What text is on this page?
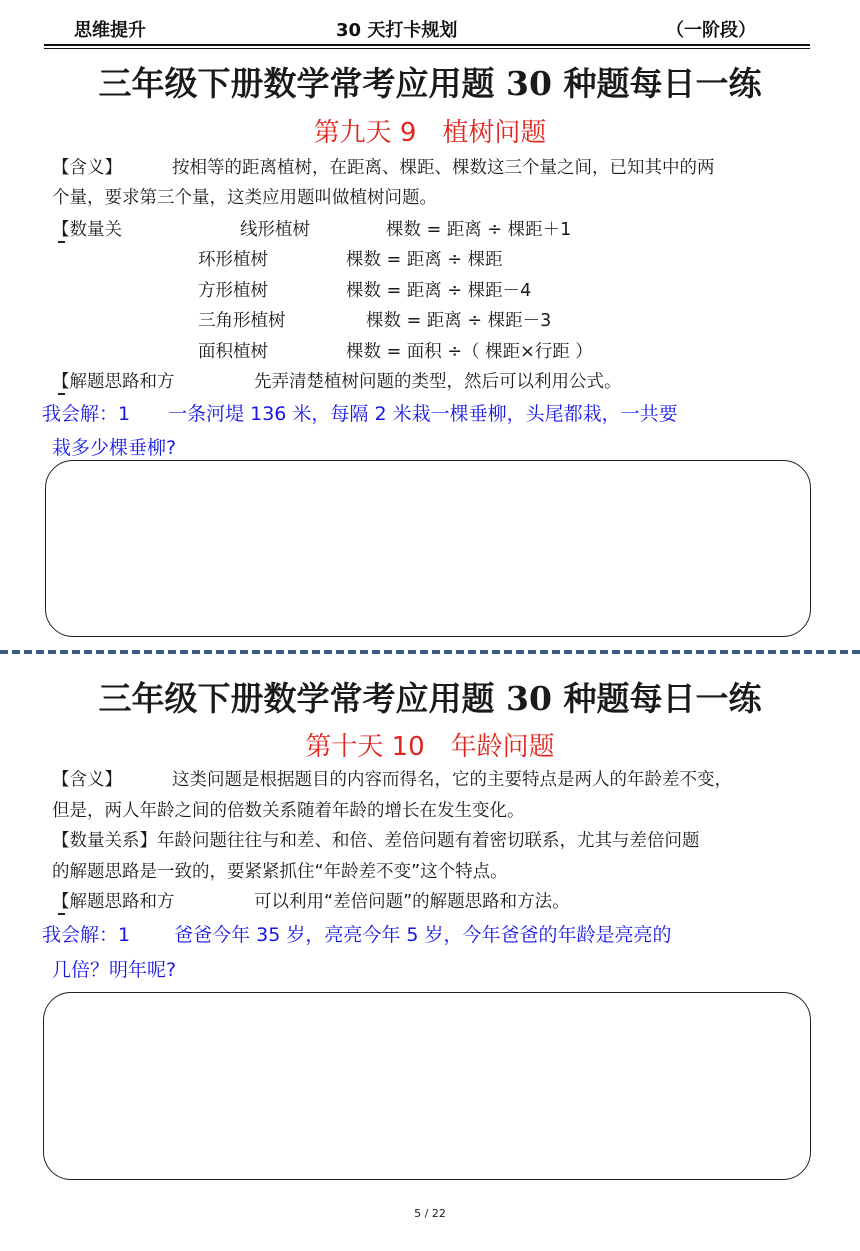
思维提升	30 天打卡规划	（一阶段）
三年级下册数学常考应用题 30 种题每日一练
第九天 9　植树问题
【含义】	按相等的距离植树，在距离、棵距、棵数这三个量之间，已知其中的两
个量，要求第三个量，这类应用题叫做植树问题。
【数量关	线形植树	棵数 = 距离 ÷ 棵距＋1
环形植树	棵数 = 距离 ÷ 棵距
方形植树	棵数 = 距离 ÷ 棵距－4
三角形植树	棵数 = 距离 ÷ 棵距－3
面积植树	棵数 = 面积 ÷（ 棵距×行距 ）
【解题思路和方	先弄清楚植树问题的类型，然后可以利用公式。
我会解：1　　一条河堤 136 米，每隔 2 米栽一棵垂柳，头尾都栽，一共要
栽多少棵垂柳?
三年级下册数学常考应用题 30 种题每日一练
第十天 10　年龄问题
【含义】	这类问题是根据题目的内容而得名，它的主要特点是两人的年龄差不变，
但是，两人年龄之间的倍数关系随着年龄的增长在发生变化。
【数量关系】年龄问题往往与和差、和倍、差倍问题有着密切联系，尤其与差倍问题
的解题思路是一致的，要紧紧抓住“年龄差不变”这个特点。
【解题思路和方	可以利用“差倍问题”的解题思路和方法。
我会解：1　　 爸爸今年 35 岁，亮亮今年 5 岁，今年爸爸的年龄是亮亮的
几倍？明年呢?
5 / 22
